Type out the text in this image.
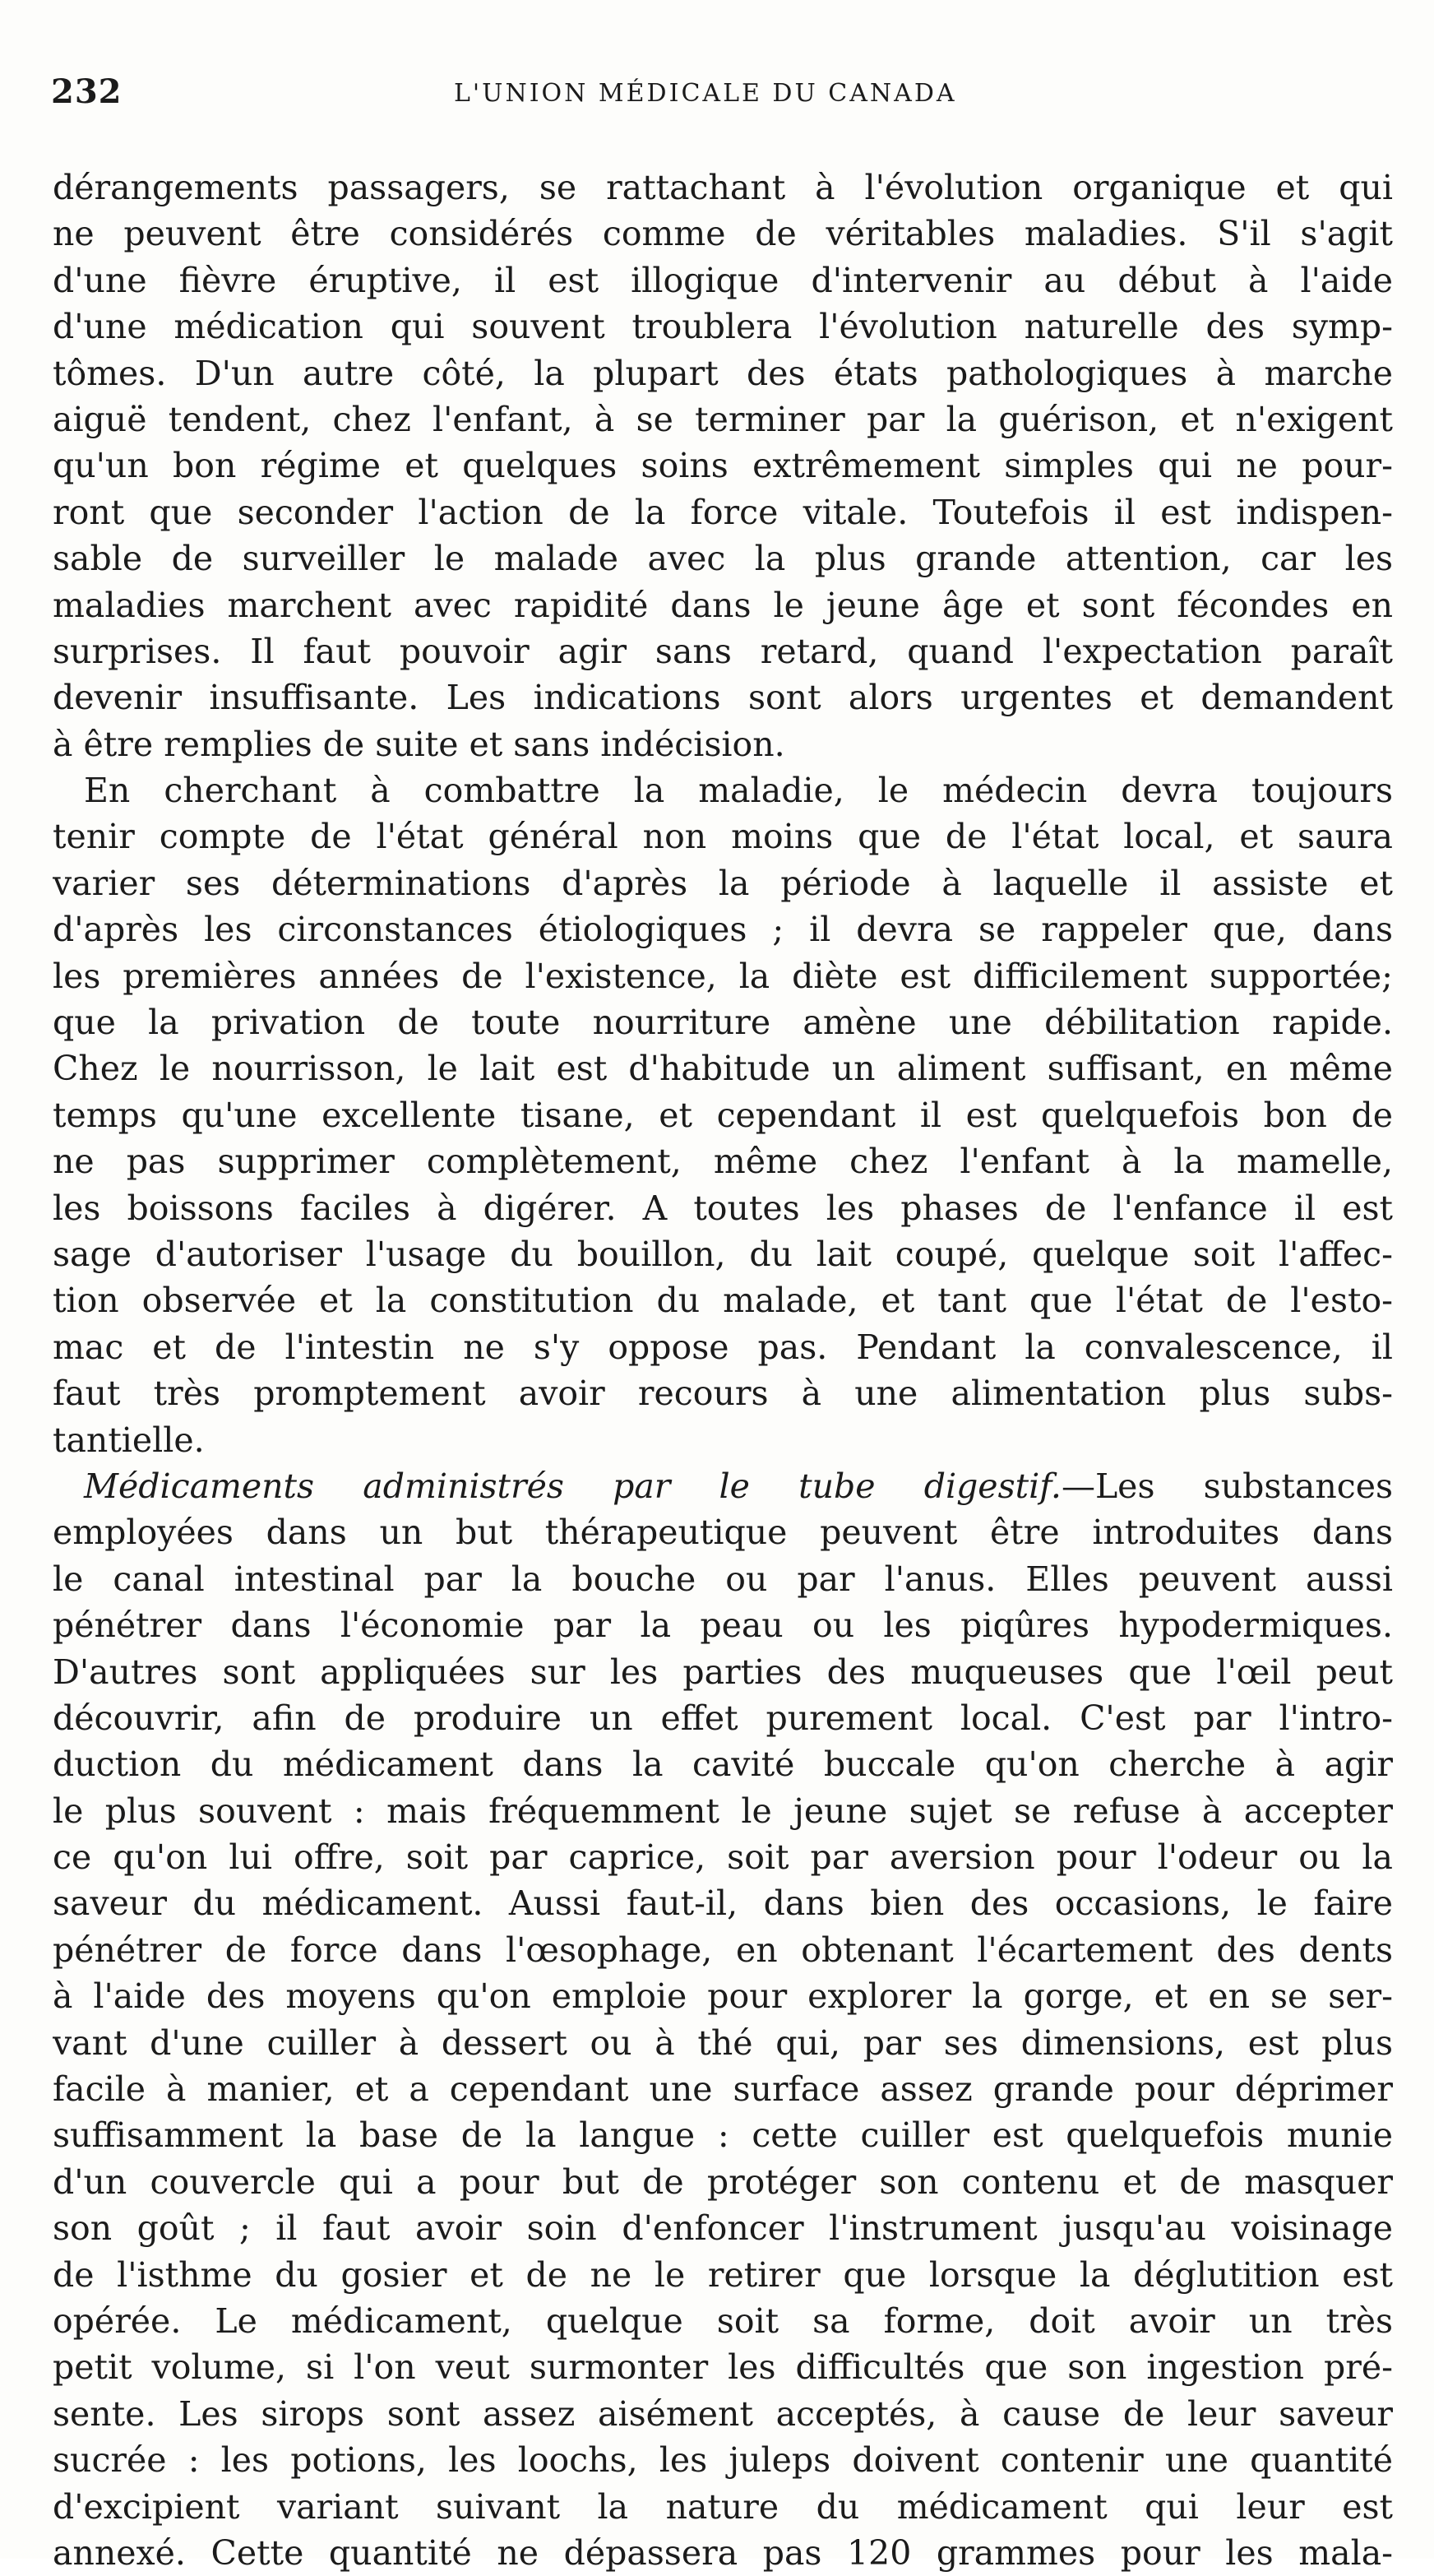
232	L'UNION MÉDICALE DU CANADA
dérangements passagers, se rattachant à l'évolution organique et qui
ne peuvent être considérés comme de véritables maladies. S'il s'agit
d'une fièvre éruptive, il est illogique d'intervenir au début à l'aide
d'une médication qui souvent troublera l'évolution naturelle des symp-
tômes. D'un autre côté, la plupart des états pathologiques à marche
aiguë tendent, chez l'enfant, à se terminer par la guérison, et n'exigent
qu'un bon régime et quelques soins extrêmement simples qui ne pour-
ront que seconder l'action de la force vitale. Toutefois il est indispen-
sable de surveiller le malade avec la plus grande attention, car les
maladies marchent avec rapidité dans le jeune âge et sont fécondes en
surprises. Il faut pouvoir agir sans retard, quand l'expectation paraît
devenir insuffisante. Les indications sont alors urgentes et demandent
à être remplies de suite et sans indécision.
En cherchant à combattre la maladie, le médecin devra toujours
tenir compte de l'état général non moins que de l'état local, et saura
varier ses déterminations d'après la période à laquelle il assiste et
d'après les circonstances étiologiques ; il devra se rappeler que, dans
les premières années de l'existence, la diète est difficilement supportée;
que la privation de toute nourriture amène une débilitation rapide.
Chez le nourrisson, le lait est d'habitude un aliment suffisant, en même
temps qu'une excellente tisane, et cependant il est quelquefois bon de
ne pas supprimer complètement, même chez l'enfant à la mamelle,
les boissons faciles à digérer. A toutes les phases de l'enfance il est
sage d'autoriser l'usage du bouillon, du lait coupé, quelque soit l'affec-
tion observée et la constitution du malade, et tant que l'état de l'esto-
mac et de l'intestin ne s'y oppose pas. Pendant la convalescence, il
faut très promptement avoir recours à une alimentation plus subs-
tantielle.
Médicaments administrés par le tube digestif.—Les substances
employées dans un but thérapeutique peuvent être introduites dans
le canal intestinal par la bouche ou par l'anus. Elles peuvent aussi
pénétrer dans l'économie par la peau ou les piqûres hypodermiques.
D'autres sont appliquées sur les parties des muqueuses que l'œil peut
découvrir, afin de produire un effet purement local. C'est par l'intro-
duction du médicament dans la cavité buccale qu'on cherche à agir
le plus souvent : mais fréquemment le jeune sujet se refuse à accepter
ce qu'on lui offre, soit par caprice, soit par aversion pour l'odeur ou la
saveur du médicament. Aussi faut-il, dans bien des occasions, le faire
pénétrer de force dans l'œsophage, en obtenant l'écartement des dents
à l'aide des moyens qu'on emploie pour explorer la gorge, et en se ser-
vant d'une cuiller à dessert ou à thé qui, par ses dimensions, est plus
facile à manier, et a cependant une surface assez grande pour déprimer
suffisamment la base de la langue : cette cuiller est quelquefois munie
d'un couvercle qui a pour but de protéger son contenu et de masquer
son goût ; il faut avoir soin d'enfoncer l'instrument jusqu'au voisinage
de l'isthme du gosier et de ne le retirer que lorsque la déglutition est
opérée. Le médicament, quelque soit sa forme, doit avoir un très
petit volume, si l'on veut surmonter les difficultés que son ingestion pré-
sente. Les sirops sont assez aisément acceptés, à cause de leur saveur
sucrée : les potions, les loochs, les juleps doivent contenir une quantité
d'excipient variant suivant la nature du médicament qui leur est
annexé. Cette quantité ne dépassera pas 120 grammes pour les mala-
